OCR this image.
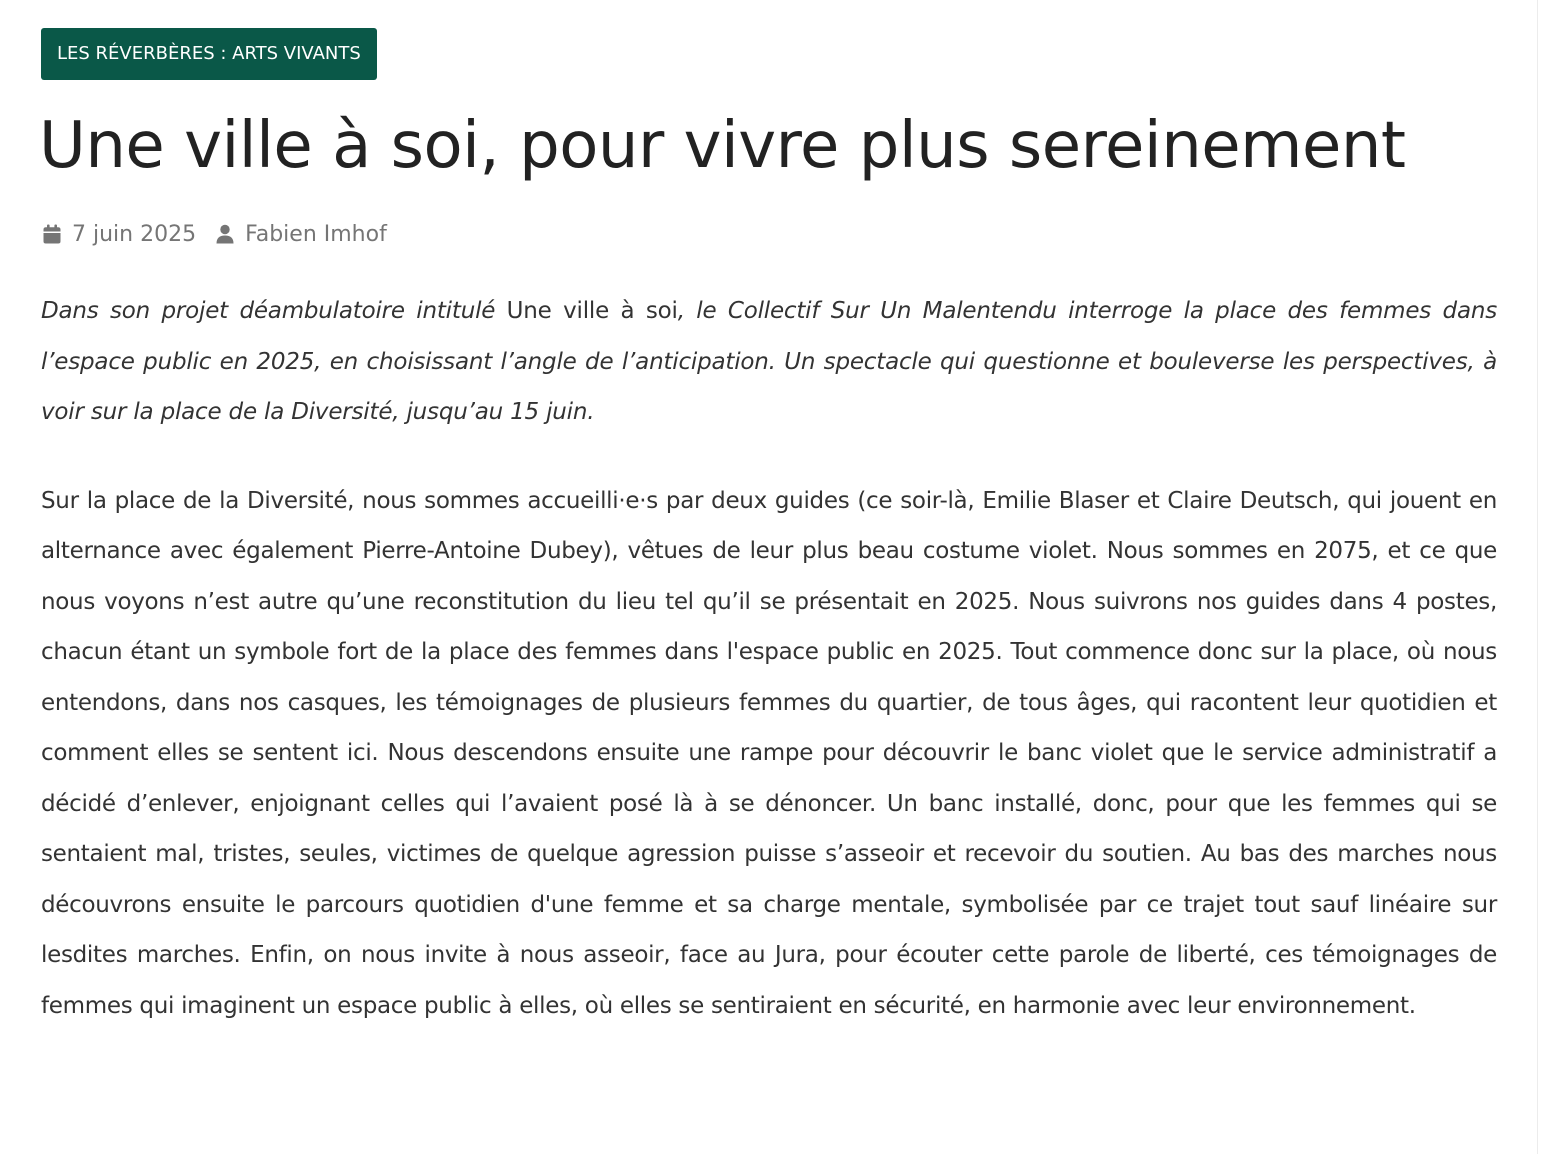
LES RÉVERBÈRES : ARTS VIVANTS
Une ville à soi, pour vivre plus sereinement
7 juin 2025 Fabien Imhof

Dans son projet déambulatoire intitulé Une ville à soi, le Collectif Sur Un Malentendu interroge la place des femmes dans l’espace public en 2025, en choisissant l’angle de l’anticipation. Un spectacle qui questionne et bouleverse les perspectives, à voir sur la place de la Diversité, jusqu’au 15 juin.

Sur la place de la Diversité, nous sommes accueilli·e·s par deux guides (ce soir-là, Emilie Blaser et Claire Deutsch, qui jouent en alternance avec également Pierre-Antoine Dubey), vêtues de leur plus beau costume violet. Nous sommes en 2075, et ce que nous voyons n’est autre qu’une reconstitution du lieu tel qu’il se présentait en 2025. Nous suivrons nos guides dans 4 postes, chacun étant un symbole fort de la place des femmes dans l'espace public en 2025. Tout commence donc sur la place, où nous entendons, dans nos casques, les témoignages de plusieurs femmes du quartier, de tous âges, qui racontent leur quotidien et comment elles se sentent ici. Nous descendons ensuite une rampe pour découvrir le banc violet que le service administratif a décidé d’enlever, enjoignant celles qui l’avaient posé là à se dénoncer. Un banc installé, donc, pour que les femmes qui se sentaient mal, tristes, seules, victimes de quelque agression puisse s’asseoir et recevoir du soutien. Au bas des marches nous découvrons ensuite le parcours quotidien d'une femme et sa charge mentale, symbolisée par ce trajet tout sauf linéaire sur lesdites marches. Enfin, on nous invite à nous asseoir, face au Jura, pour écouter cette parole de liberté, ces témoignages de femmes qui imaginent un espace public à elles, où elles se sentiraient en sécurité, en harmonie avec leur environnement.
